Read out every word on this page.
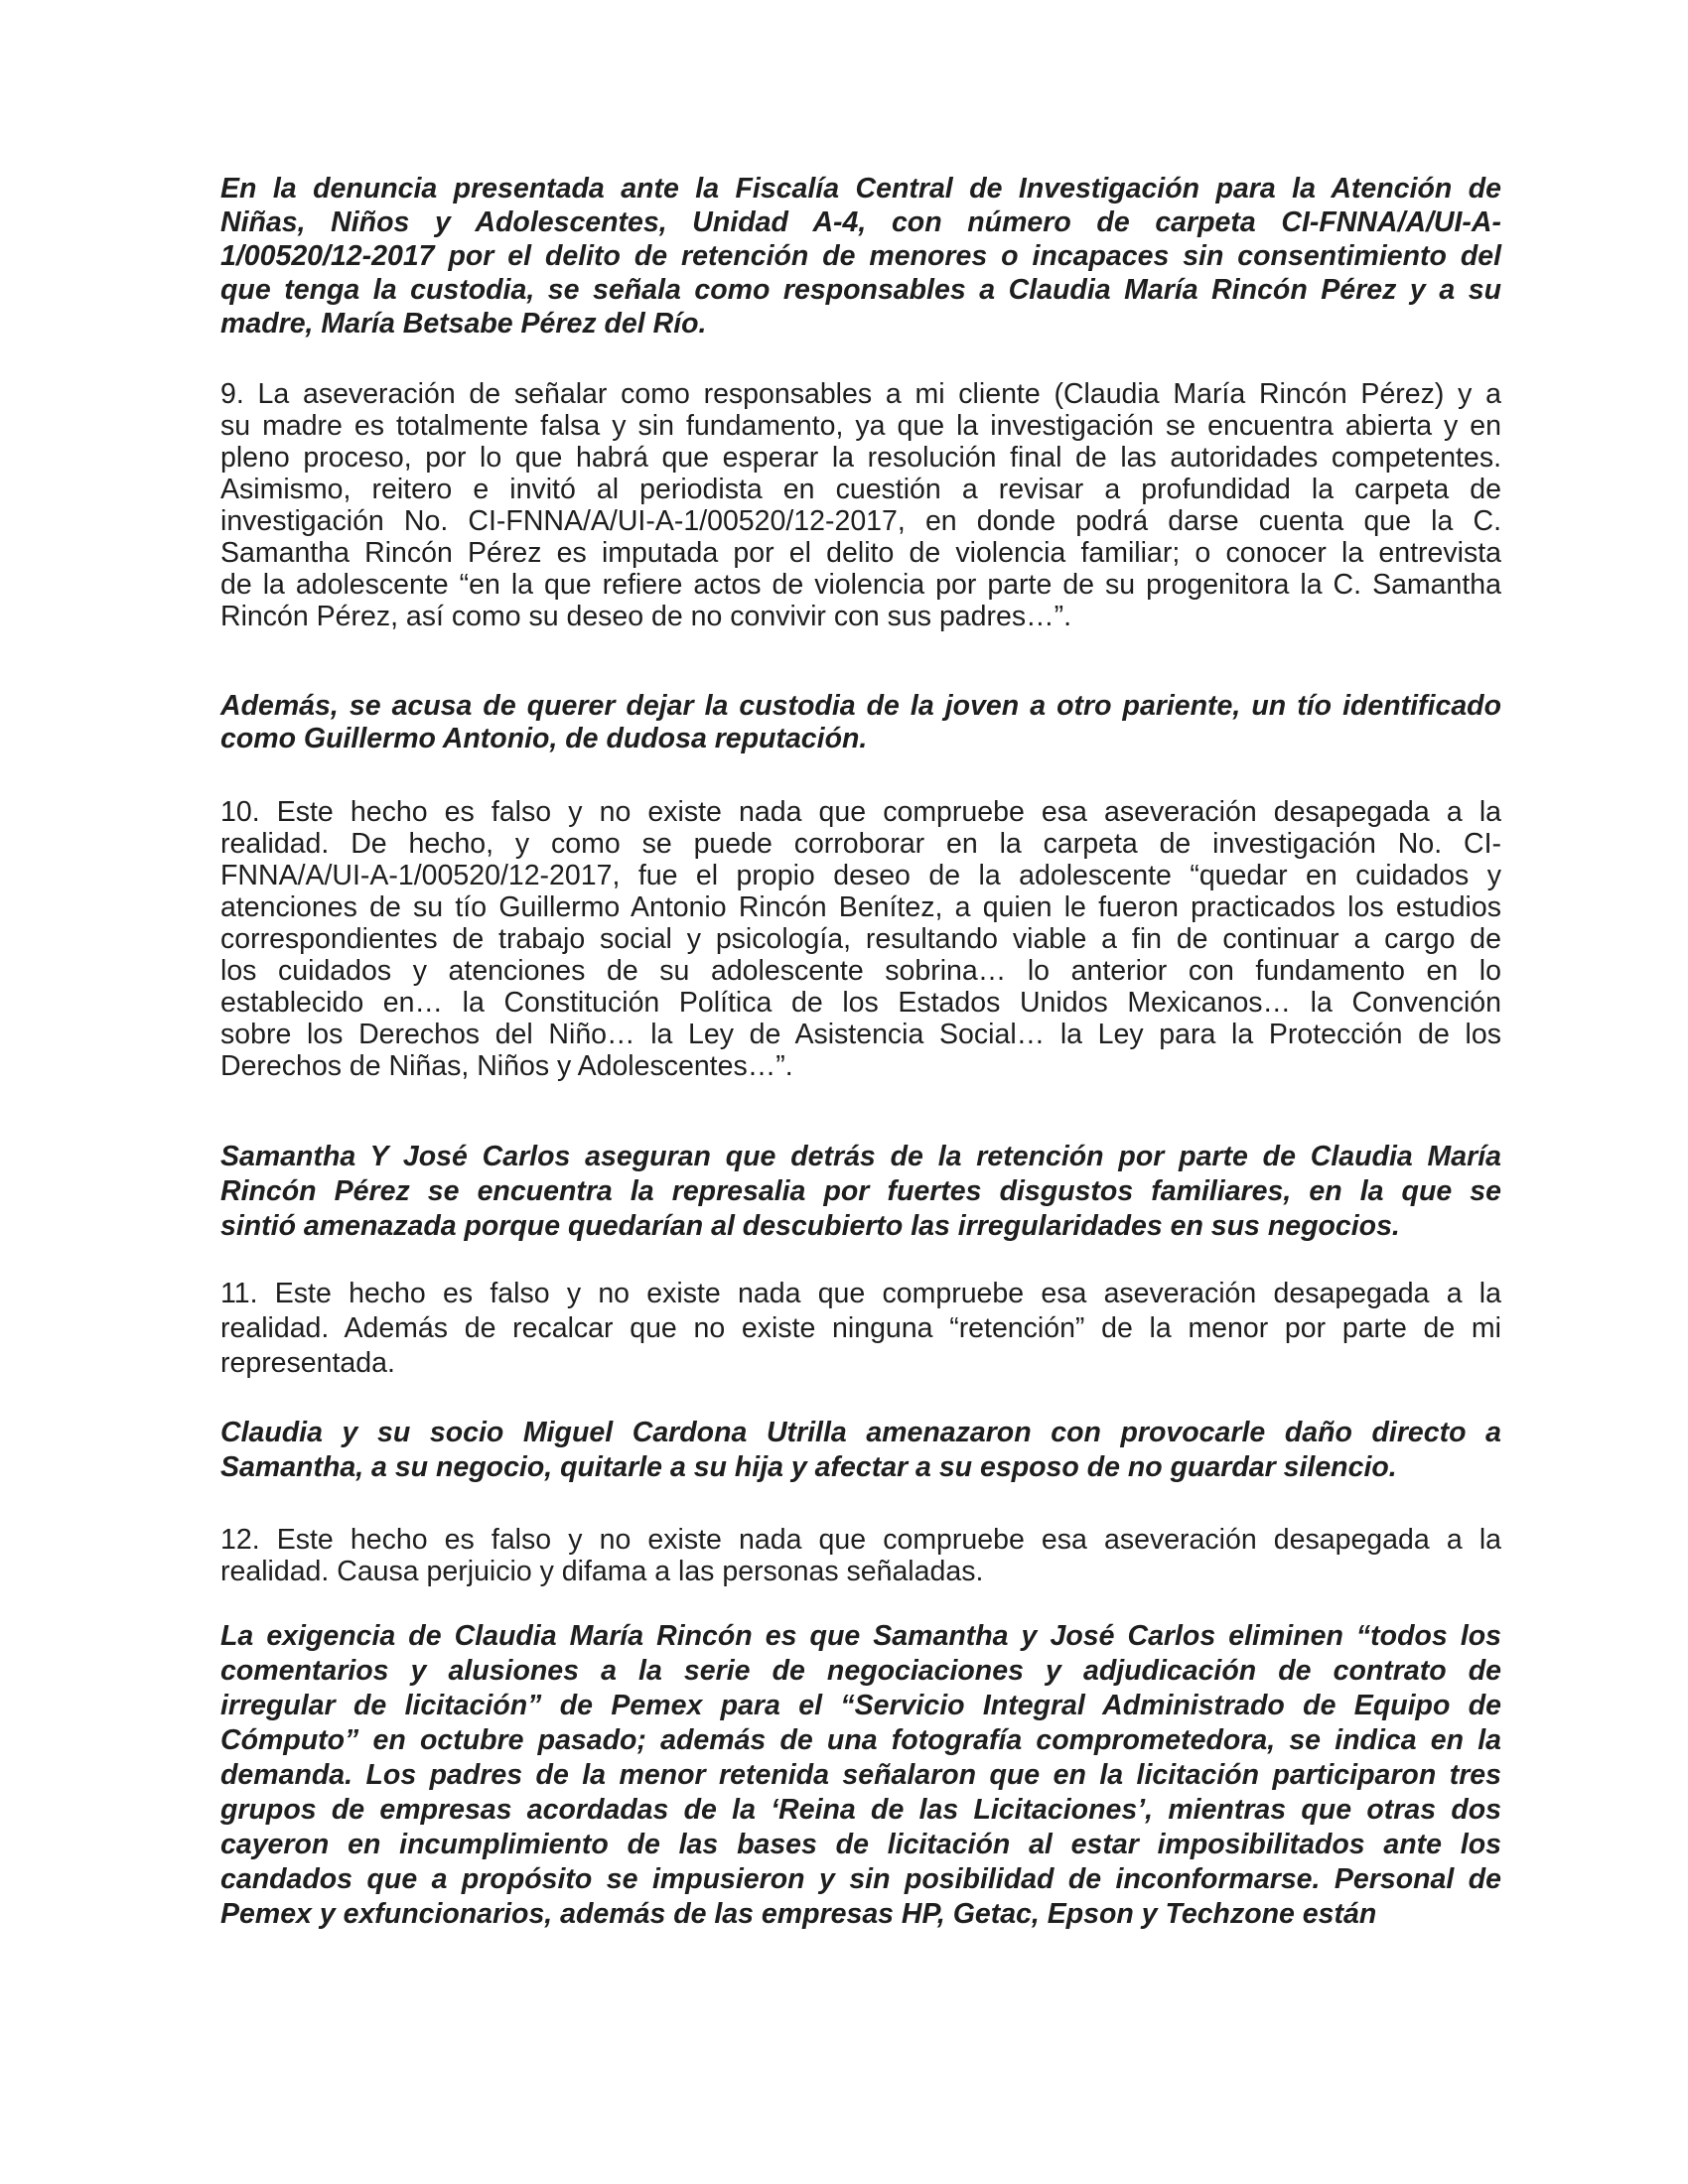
En la denuncia presentada ante la Fiscalía Central de Investigación para la Atención de
Niñas, Niños y Adolescentes, Unidad A-4, con número de carpeta CI-FNNA/A/UI-A-
1/00520/12-2017 por el delito de retención de menores o incapaces sin consentimiento del
que tenga la custodia, se señala como responsables a Claudia María Rincón Pérez y a su
madre, María Betsabe Pérez del Río.

9. La aseveración de señalar como responsables a mi cliente (Claudia María Rincón Pérez) y a
su madre es totalmente falsa y sin fundamento, ya que la investigación se encuentra abierta y en
pleno proceso, por lo que habrá que esperar la resolución final de las autoridades competentes.
Asimismo, reitero e invitó al periodista en cuestión a revisar a profundidad la carpeta de
investigación No. CI-FNNA/A/UI-A-1/00520/12-2017, en donde podrá darse cuenta que la C.
Samantha Rincón Pérez es imputada por el delito de violencia familiar; o conocer la entrevista
de la adolescente “en la que refiere actos de violencia por parte de su progenitora la C. Samantha
Rincón Pérez, así como su deseo de no convivir con sus padres…”.

Además, se acusa de querer dejar la custodia de la joven a otro pariente, un tío identificado
como Guillermo Antonio, de dudosa reputación.

10. Este hecho es falso y no existe nada que compruebe esa aseveración desapegada a la
realidad. De hecho, y como se puede corroborar en la carpeta de investigación No. CI-
FNNA/A/UI-A-1/00520/12-2017, fue el propio deseo de la adolescente “quedar en cuidados y
atenciones de su tío Guillermo Antonio Rincón Benítez, a quien le fueron practicados los estudios
correspondientes de trabajo social y psicología, resultando viable a fin de continuar a cargo de
los cuidados y atenciones de su adolescente sobrina… lo anterior con fundamento en lo
establecido en… la Constitución Política de los Estados Unidos Mexicanos… la Convención
sobre los Derechos del Niño… la Ley de Asistencia Social… la Ley para la Protección de los
Derechos de Niñas, Niños y Adolescentes…”.

Samantha Y José Carlos aseguran que detrás de la retención por parte de Claudia María
Rincón Pérez se encuentra la represalia por fuertes disgustos familiares, en la que se
sintió amenazada porque quedarían al descubierto las irregularidades en sus negocios.

11. Este hecho es falso y no existe nada que compruebe esa aseveración desapegada a la
realidad. Además de recalcar que no existe ninguna “retención” de la menor por parte de mi
representada.

Claudia y su socio Miguel Cardona Utrilla amenazaron con provocarle daño directo a
Samantha, a su negocio, quitarle a su hija y afectar a su esposo de no guardar silencio.

12. Este hecho es falso y no existe nada que compruebe esa aseveración desapegada a la
realidad. Causa perjuicio y difama a las personas señaladas.

La exigencia de Claudia María Rincón es que Samantha y José Carlos eliminen “todos los
comentarios y alusiones a la serie de negociaciones y adjudicación de contrato de
irregular de licitación” de Pemex para el “Servicio Integral Administrado de Equipo de
Cómputo” en octubre pasado; además de una fotografía comprometedora, se indica en la
demanda. Los padres de la menor retenida señalaron que en la licitación participaron tres
grupos de empresas acordadas de la ‘Reina de las Licitaciones’, mientras que otras dos
cayeron en incumplimiento de las bases de licitación al estar imposibilitados ante los
candados que a propósito se impusieron y sin posibilidad de inconformarse. Personal de
Pemex y exfuncionarios, además de las empresas HP, Getac, Epson y Techzone están
